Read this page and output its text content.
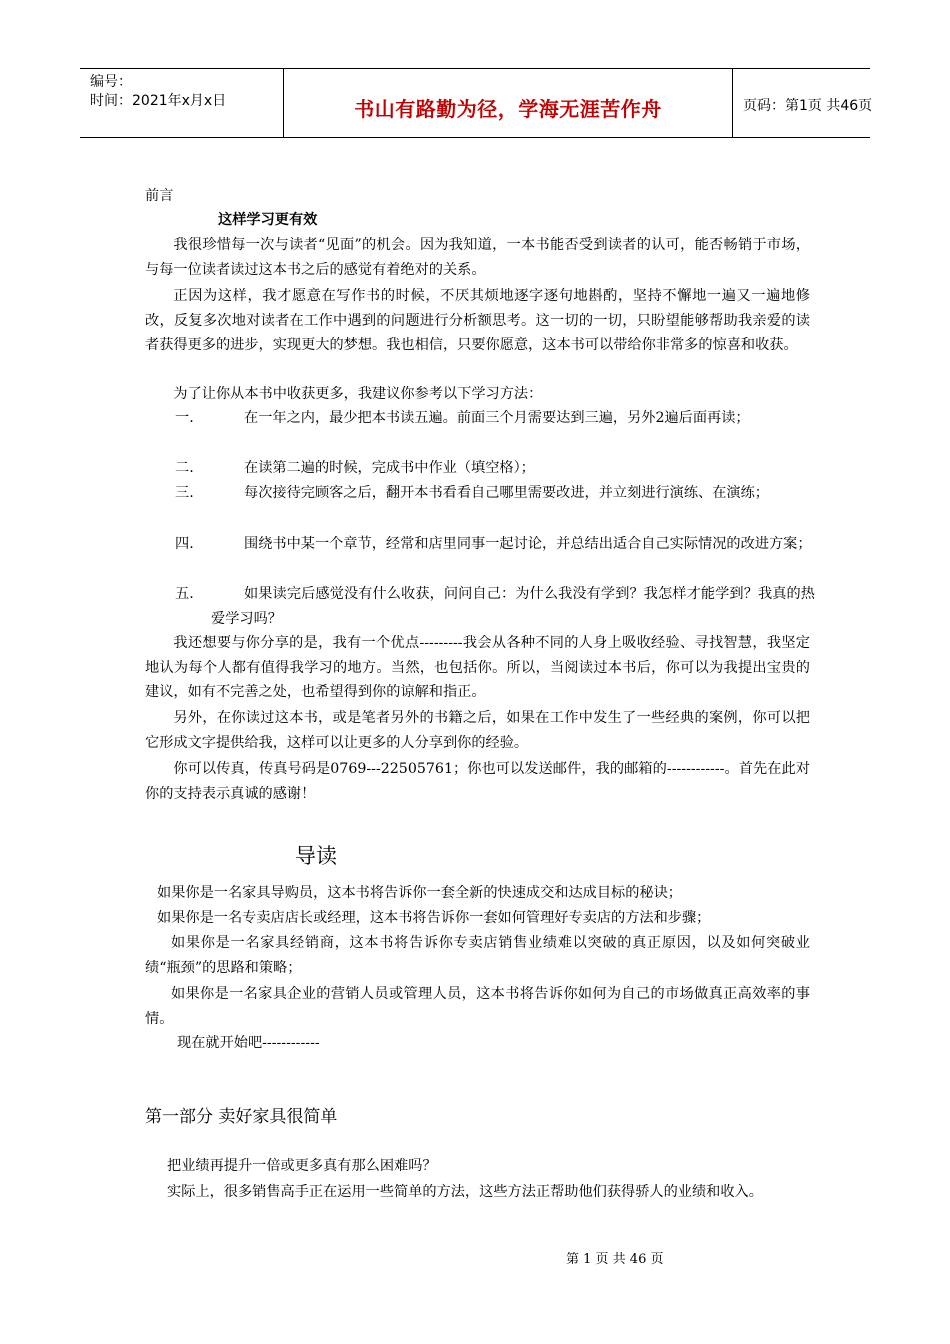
编号：
时间：2021年x月x日	书山有路勤为径，学海无涯苦作舟	页码：第1页 共46页
前言
这样学习更有效

我很珍惜每一次与读者“见面”的机会。因为我知道，一本书能否受到读者的认可，能否畅销于市场，与每一位读者读过这本书之后的感觉有着绝对的关系。

正因为这样，我才愿意在写作书的时候，不厌其烦地逐字逐句地斟酌，坚持不懈地一遍又一遍地修改，反复多次地对读者在工作中遇到的问题进行分析额思考。这一切的一切，只盼望能够帮助我亲爱的读者获得更多的进步，实现更大的梦想。我也相信，只要你愿意，这本书可以带给你非常多的惊喜和收获。

为了让你从本书中收获更多，我建议你参考以下学习方法：

一.	在一年之内，最少把本书读五遍。前面三个月需要达到三遍，另外2遍后面再读；
二.	在读第二遍的时候，完成书中作业（填空格）；
三.	每次接待完顾客之后，翻开本书看看自己哪里需要改进，并立刻进行演练、在演练；
四.	围绕书中某一个章节，经常和店里同事一起讨论，并总结出适合自己实际情况的改进方案；
五.	如果读完后感觉没有什么收获，问问自己：为什么我没有学到？我怎样才能学到？我真的热爱学习吗？

我还想要与你分享的是，我有一个优点---------我会从各种不同的人身上吸收经验、寻找智慧，我坚定地认为每个人都有值得我学习的地方。当然，也包括你。所以，当阅读过本书后，你可以为我提出宝贵的建议，如有不完善之处，也希望得到你的谅解和指正。

另外，在你读过这本书，或是笔者另外的书籍之后，如果在工作中发生了一些经典的案例，你可以把它形成文字提供给我，这样可以让更多的人分享到你的经验。

你可以传真，传真号码是0769---22505761；你也可以发送邮件，我的邮箱的------------。首先在此对你的支持表示真诚的感谢！

导读

如果你是一名家具导购员，这本书将告诉你一套全新的快速成交和达成目标的秘诀；

如果你是一名专卖店店长或经理，这本书将告诉你一套如何管理好专卖店的方法和步骤；

如果你是一名家具经销商，这本书将告诉你专卖店销售业绩难以突破的真正原因，以及如何突破业绩“瓶颈”的思路和策略；

如果你是一名家具企业的营销人员或管理人员，这本书将告诉你如何为自己的市场做真正高效率的事情。

现在就开始吧------------

第一部分 卖好家具很简单

把业绩再提升一倍或更多真有那么困难吗？

实际上，很多销售高手正在运用一些简单的方法，这些方法正帮助他们获得骄人的业绩和收入。

第 1 页 共 46 页
